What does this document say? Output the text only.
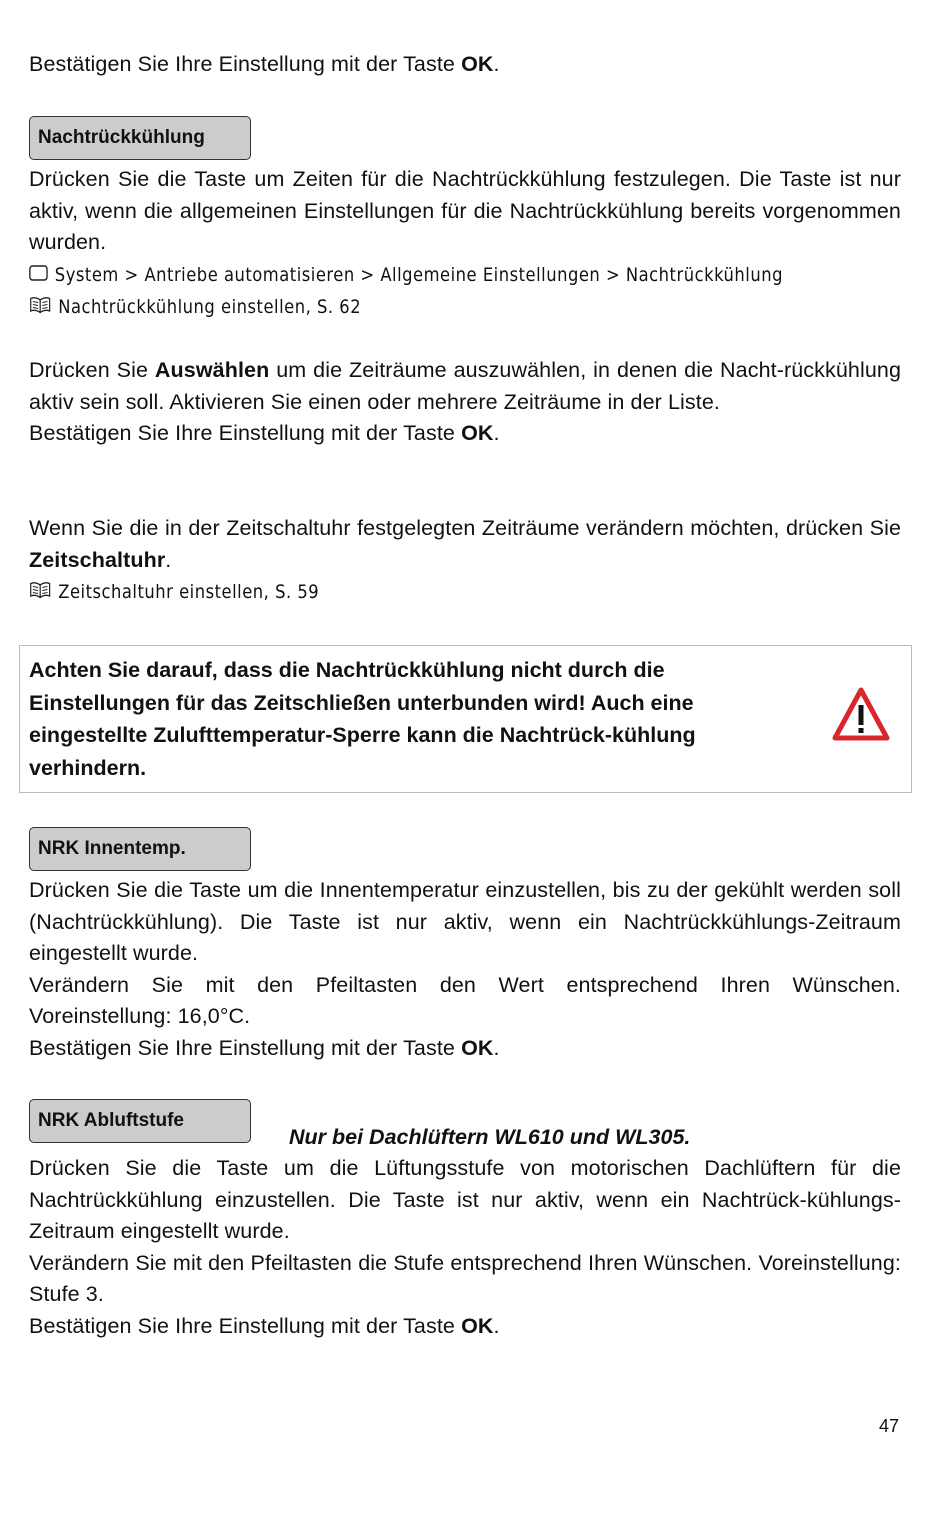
Bestätigen Sie Ihre Einstellung mit der Taste OK.

Nachtrückkühlung

Drücken Sie die Taste um Zeiten für die Nachtrückkühlung festzulegen. Die Taste ist nur aktiv, wenn die allgemeinen Einstellungen für die Nachtrückkühlung bereits vorgenommen wurden.

System > Antriebe automatisieren > Allgemeine Einstellungen > Nachtrückkühlung
Nachtrückkühlung einstellen, S. 62

Drücken Sie Auswählen um die Zeiträume auszuwählen, in denen die Nacht-rückkühlung aktiv sein soll. Aktivieren Sie einen oder mehrere Zeiträume in der Liste.

Bestätigen Sie Ihre Einstellung mit der Taste OK.

Wenn Sie die in der Zeitschaltuhr festgelegten Zeiträume verändern möchten, drücken Sie Zeitschaltuhr.

Zeitschaltuhr einstellen, S. 59

Achten Sie darauf, dass die Nachtrückkühlung nicht durch die Einstellungen für das Zeitschließen unterbunden wird! Auch eine eingestellte Zulufttemperatur-Sperre kann die Nachtrück-kühlung verhindern.

NRK Innentemp.

Drücken Sie die Taste um die Innentemperatur einzustellen, bis zu der gekühlt werden soll (Nachtrückkühlung). Die Taste ist nur aktiv, wenn ein Nachtrückkühlungs-Zeitraum eingestellt wurde.

Verändern Sie mit den Pfeiltasten den Wert entsprechend Ihren Wünschen. Voreinstellung: 16,0°C.

Bestätigen Sie Ihre Einstellung mit der Taste OK.

NRK Abluftstufe
Nur bei Dachlüftern WL610 und WL305.

Drücken Sie die Taste um die Lüftungsstufe von motorischen Dachlüftern für die Nachtrückkühlung einzustellen. Die Taste ist nur aktiv, wenn ein Nachtrück-kühlungs-Zeitraum eingestellt wurde.

Verändern Sie mit den Pfeiltasten die Stufe entsprechend Ihren Wünschen. Voreinstellung: Stufe 3.

Bestätigen Sie Ihre Einstellung mit der Taste OK.

47
